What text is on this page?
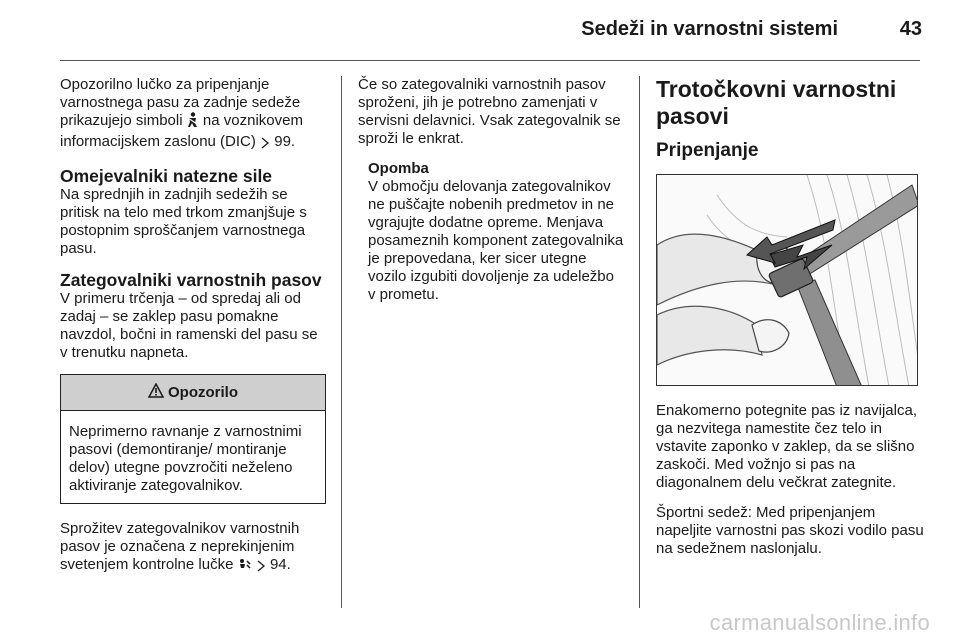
Sedeži in varnostni sistemi	43

Opozorilno lučko za pripenjanje varnostnega pasu za zadnje sedeže prikazujejo simboli na voznikovem informacijskem zaslonu (DIC) 99.

Omejevalniki natezne sile

Na sprednjih in zadnjih sedežih se pritisk na telo med trkom zmanjšuje s postopnim sproščanjem varnostnega pasu.

Zategovalniki varnostnih pasov

V primeru trčenja – od spredaj ali od zadaj – se zaklep pasu pomakne navzdol, bočni in ramenski del pasu se v trenutku napneta.

Opozorilo
Neprimerno ravnanje z varnostnimi pasovi (demontiranje/ montiranje delov) utegne povzročiti neželeno aktiviranje zategovalnikov.

Sprožitev zategovalnikov varnostnih pasov je označena z neprekinjenim svetenjem kontrolne lučke 94.

Če so zategovalniki varnostnih pasov sproženi, jih je potrebno zamenjati v servisni delavnici. Vsak zategovalnik se sproži le enkrat.

Opomba
V območju delovanja zategovalnikov ne puščajte nobenih predmetov in ne vgrajujte dodatne opreme. Menjava posameznih komponent zategovalnika je prepovedana, ker sicer utegne vozilo izgubiti dovoljenje za udeležbo v prometu.
Trotočkovni varnostni pasovi
Pripenjanje

Enakomerno potegnite pas iz navijalca, ga nezvitega namestite čez telo in vstavite zaponko v zaklep, da se slišno zaskoči. Med vožnjo si pas na diagonalnem delu večkrat zategnite.

Športni sedež: Med pripenjanjem napeljite varnostni pas skozi vodilo pasu na sedežnem naslonjalu.

carmanualsonline.info
